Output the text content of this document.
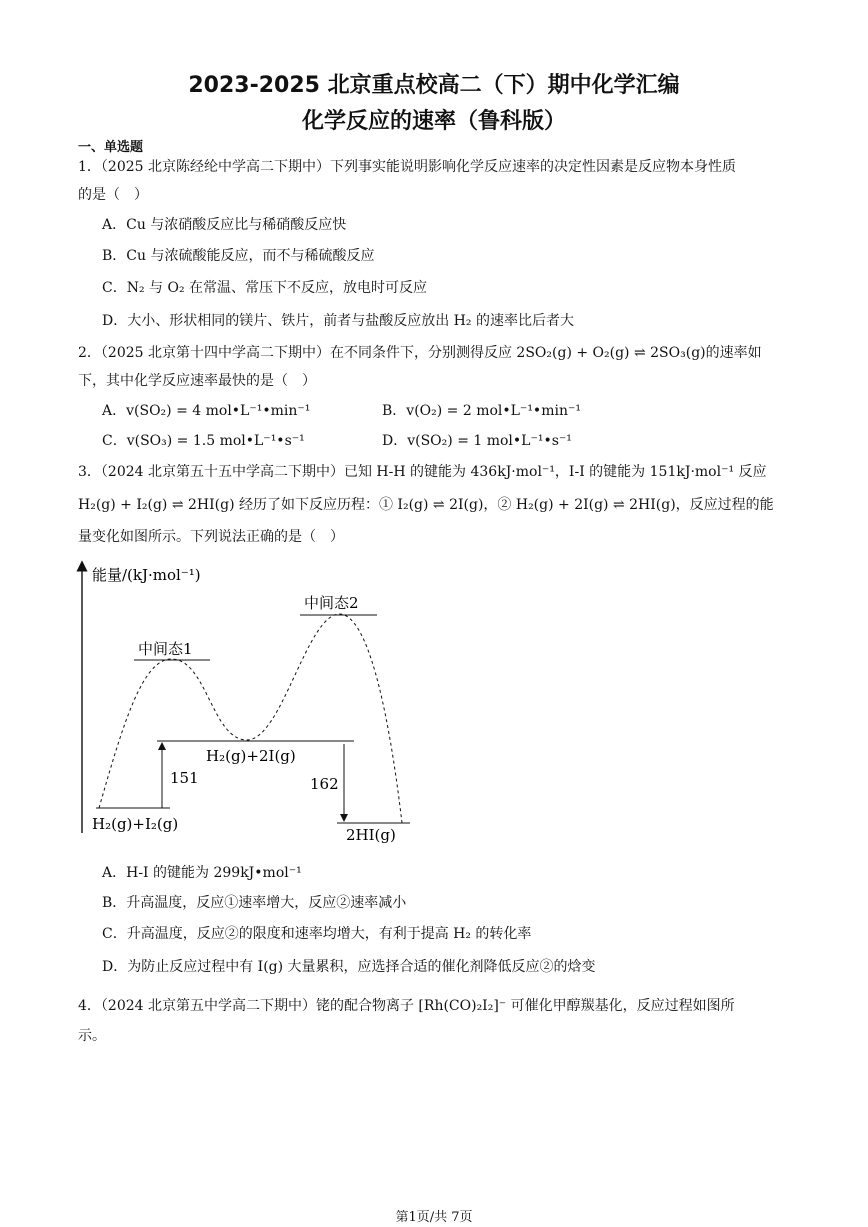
2023-2025 北京重点校高二（下）期中化学汇编
化学反应的速率（鲁科版）
一、单选题
1．（2025 北京陈经纶中学高二下期中）下列事实能说明影响化学反应速率的决定性因素是反应物本身性质
的是（　）
A．Cu 与浓硝酸反应比与稀硝酸反应快
B．Cu 与浓硫酸能反应，而不与稀硫酸反应
C．N₂ 与 O₂ 在常温、常压下不反应，放电时可反应
D．大小、形状相同的镁片、铁片，前者与盐酸反应放出 H₂ 的速率比后者大
2．（2025 北京第十四中学高二下期中）在不同条件下，分别测得反应 2SO₂(g) + O₂(g) ⇌ 2SO₃(g)的速率如
下，其中化学反应速率最快的是（　）
A．v(SO₂) = 4 mol•L⁻¹•min⁻¹	B．v(O₂) = 2 mol•L⁻¹•min⁻¹
C．v(SO₃) = 1.5 mol•L⁻¹•s⁻¹	D．v(SO₂) = 1 mol•L⁻¹•s⁻¹
3．（2024 北京第五十五中学高二下期中）已知 H-H 的键能为 436kJ·mol⁻¹，I-I 的键能为 151kJ·mol⁻¹ 反应
H₂(g) + I₂(g) ⇌ 2HI(g) 经历了如下反应历程：① I₂(g) ⇌ 2I(g)，② H₂(g) + 2I(g) ⇌ 2HI(g)，反应过程的能
量变化如图所示。下列说法正确的是（　）
能量/(kJ·mol⁻¹)
中间态1
中间态2
H₂(g)+2I(g)
H₂(g)+I₂(g)
2HI(g)
151	162
A．H-I 的键能为 299kJ•mol⁻¹
B．升高温度，反应①速率增大，反应②速率减小
C．升高温度，反应②的限度和速率均增大，有利于提高 H₂ 的转化率
D．为防止反应过程中有 I(g) 大量累积，应选择合适的催化剂降低反应②的焓变
4．（2024 北京第五中学高二下期中）铑的配合物离子 [Rh(CO)₂I₂]⁻ 可催化甲醇羰基化，反应过程如图所
示。
第1页/共 7页
